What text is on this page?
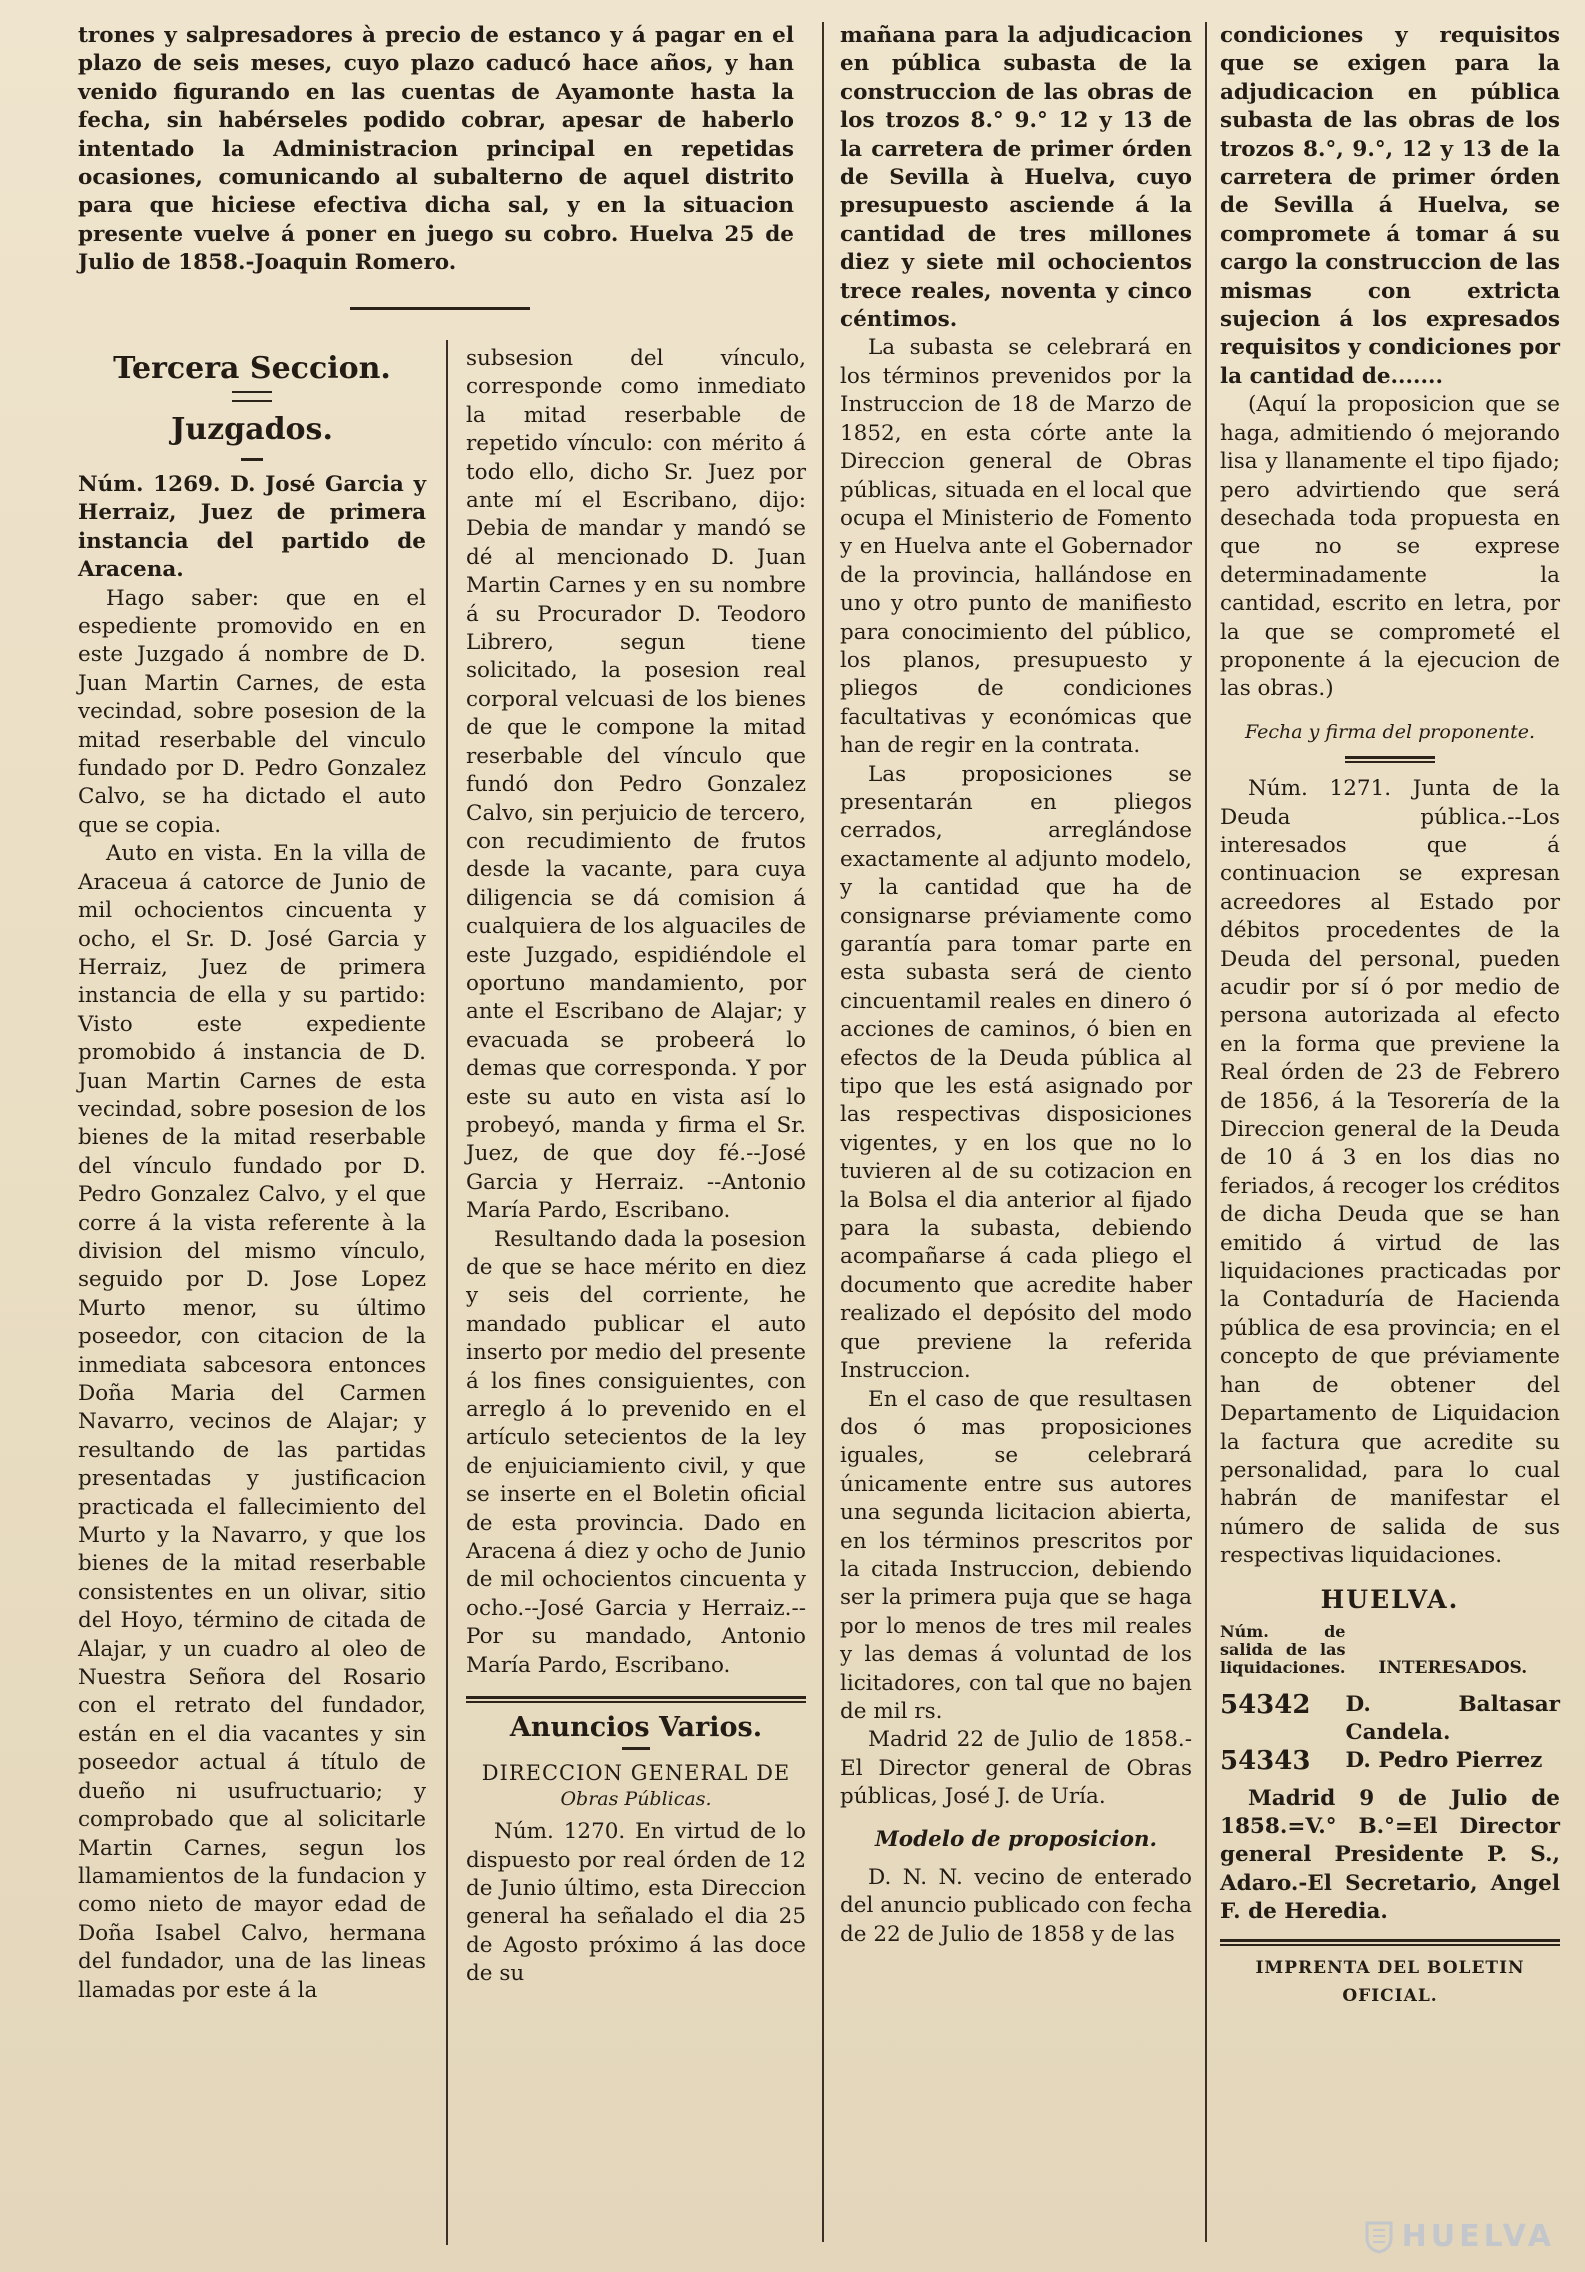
trones y salpresadores à precio de estanco y á pagar en el plazo de seis meses, cuyo plazo caducó hace años, y han venido figurando en las cuentas de Ayamonte hasta la fecha, sin habérseles podido cobrar, apesar de haberlo intentado la Administracion principal en repetidas ocasiones, comunicando al subalterno de aquel distrito para que hiciese efectiva dicha sal, y en la situacion presente vuelve á poner en juego su cobro. Huelva 25 de Julio de 1858.-Joaquin Romero.

Tercera Seccion.
Juzgados.

Núm. 1269. D. José Garcia y Herraiz, Juez de primera instancia del partido de Aracena.

Hago saber: que en el espediente promovido en en este Juzgado á nombre de D. Juan Martin Carnes, de esta vecindad, sobre posesion de la mitad reserbable del vinculo fundado por D. Pedro Gonzalez Calvo, se ha dictado el auto que se copia.

Auto en vista. En la villa de Araceua á catorce de Junio de mil ochocientos cincuenta y ocho, el Sr. D. José Garcia y Herraiz, Juez de primera instancia de ella y su partido: Visto este expediente promobido á instancia de D. Juan Martin Carnes de esta vecindad, sobre posesion de los bienes de la mitad reserbable del vínculo fundado por D. Pedro Gonzalez Calvo, y el que corre á la vista referente à la division del mismo vínculo, seguido por D. Jose Lopez Murto menor, su último poseedor, con citacion de la inmediata sabcesora entonces Doña Maria del Carmen Navarro, vecinos de Alajar; y resultando de las partidas presentadas y justificacion practicada el fallecimiento del Murto y la Navarro, y que los bienes de la mitad reserbable consistentes en un olivar, sitio del Hoyo, término de citada de Alajar, y un cuadro al oleo de Nuestra Señora del Rosario con el retrato del fundador, están en el dia vacantes y sin poseedor actual á título de dueño ni usufructuario; y comprobado que al solicitarle Martin Carnes, segun los llamamientos de la fundacion y como nieto de mayor edad de Doña Isabel Calvo, hermana del fundador, una de las lineas llamadas por este á la

subsesion del vínculo, corresponde como inmediato la mitad reserbable de repetido vínculo: con mérito á todo ello, dicho Sr. Juez por ante mí el Escribano, dijo: Debia de mandar y mandó se dé al mencionado D. Juan Martin Carnes y en su nombre á su Procurador D. Teodoro Librero, segun tiene solicitado, la posesion real corporal velcuasi de los bienes de que le compone la mitad reserbable del vínculo que fundó don Pedro Gonzalez Calvo, sin perjuicio de tercero, con recudimiento de frutos desde la vacante, para cuya diligencia se dá comision á cualquiera de los alguaciles de este Juzgado, espidiéndole el oportuno mandamiento, por ante el Escribano de Alajar; y evacuada se probeerá lo demas que corresponda. Y por este su auto en vista así lo probeyó, manda y firma el Sr. Juez, de que doy fé.--José Garcia y Herraiz. --Antonio María Pardo, Escribano.

Resultando dada la posesion de que se hace mérito en diez y seis del corriente, he mandado publicar el auto inserto por medio del presente á los fines consiguientes, con arreglo á lo prevenido en el artículo setecientos de la ley de enjuiciamiento civil, y que se inserte en el Boletin oficial de esta provincia. Dado en Aracena á diez y ocho de Junio de mil ochocientos cincuenta y ocho.--José Garcia y Herraiz.--Por su mandado, Antonio María Pardo, Escribano.

Anuncios Varios.
DIRECCION GENERAL DE
Obras Públicas.

Núm. 1270. En virtud de lo dispuesto por real órden de 12 de Junio último, esta Direccion general ha señalado el dia 25 de Agosto próximo á las doce de su

mañana para la adjudicacion en pública subasta de la construccion de las obras de los trozos 8.° 9.° 12 y 13 de la carretera de primer órden de Sevilla à Huelva, cuyo presupuesto asciende á la cantidad de tres millones diez y siete mil ochocientos trece reales, noventa y cinco céntimos.

La subasta se celebrará en los términos prevenidos por la Instruccion de 18 de Marzo de 1852, en esta córte ante la Direccion general de Obras públicas, situada en el local que ocupa el Ministerio de Fomento y en Huelva ante el Gobernador de la provincia, hallándose en uno y otro punto de manifiesto para conocimiento del público, los planos, presupuesto y pliegos de condiciones facultativas y económicas que han de regir en la contrata.

Las proposiciones se presentarán en pliegos cerrados, arreglándose exactamente al adjunto modelo, y la cantidad que ha de consignarse préviamente como garantía para tomar parte en esta subasta será de ciento cincuentamil reales en dinero ó acciones de caminos, ó bien en efectos de la Deuda pública al tipo que les está asignado por las respectivas disposiciones vigentes, y en los que no lo tuvieren al de su cotizacion en la Bolsa el dia anterior al fijado para la subasta, debiendo acompañarse á cada pliego el documento que acredite haber realizado el depósito del modo que previene la referida Instruccion.

En el caso de que resultasen dos ó mas proposiciones iguales, se celebrará únicamente entre sus autores una segunda licitacion abierta, en los términos prescritos por la citada Instruccion, debiendo ser la primera puja que se haga por lo menos de tres mil reales y las demas á voluntad de los licitadores, con tal que no bajen de mil rs.

Madrid 22 de Julio de 1858.-El Director general de Obras públicas, José J. de Uría.

Modelo de proposicion.

D. N. N. vecino de enterado del anuncio publicado con fecha de 22 de Julio de 1858 y de las

condiciones y requisitos que se exigen para la adjudicacion en pública subasta de las obras de los trozos 8.°, 9.°, 12 y 13 de la carretera de primer órden de Sevilla á Huelva, se compromete á tomar á su cargo la construccion de las mismas con extricta sujecion á los expresados requisitos y condiciones por la cantidad de.......

(Aquí la proposicion que se haga, admitiendo ó mejorando lisa y llanamente el tipo fijado; pero advirtiendo que será desechada toda propuesta en que no se exprese determinadamente la cantidad, escrito en letra, por la que se comprometé el proponente á la ejecucion de las obras.)

Fecha y firma del proponente.

Núm. 1271. Junta de la Deuda pública.--Los interesados que á continuacion se expresan acreedores al Estado por débitos procedentes de la Deuda del personal, pueden acudir por sí ó por medio de persona autorizada al efecto en la forma que previene la Real órden de 23 de Febrero de 1856, á la Tesorería de la Direccion general de la Deuda de 10 á 3 en los dias no feriados, á recoger los créditos de dicha Deuda que se han emitido á virtud de las liquidaciones practicadas por la Contaduría de Hacienda pública de esa provincia; en el concepto de que préviamente han de obtener del Departamento de Liquidacion la factura que acredite su personalidad, para lo cual habrán de manifestar el número de salida de sus respectivas liquidaciones.

HUELVA.
Núm. de salida de las liquidaciones.	INTERESADOS.

54342	D. Baltasar Candela.
54343	D. Pedro Pierrez

Madrid 9 de Julio de 1858.=V.° B.°=El Director general Presidente P. S., Adaro.-El Secretario, Angel F. de Heredia.

IMPRENTA DEL BOLETIN OFICIAL.
HUELVA
